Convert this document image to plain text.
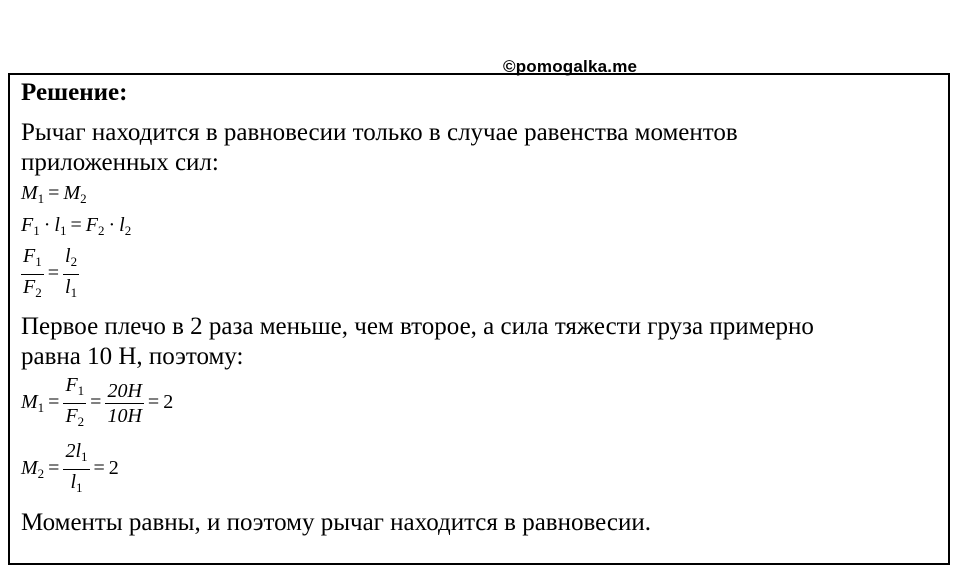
©pomogalka.me
Решение:
Рычаг находится в равновесии только в случае равенства моментов
приложенных сил:
$M_1 = M_2$
$F_1 \cdot l_1 = F_2 \cdot l_2$
$\frac{F_1}{F_2} = \frac{l_2}{l_1}$
Первое плечо в 2 раза меньше, чем второе, а сила тяжести груза примерно
равна 10 Н, поэтому:
$M_1 = \frac{F_1}{F_2} = \frac{20H}{10H} = 2$
$M_2 = \frac{2l_1}{l_1} = 2$
Моменты равны, и поэтому рычаг находится в равновесии.
